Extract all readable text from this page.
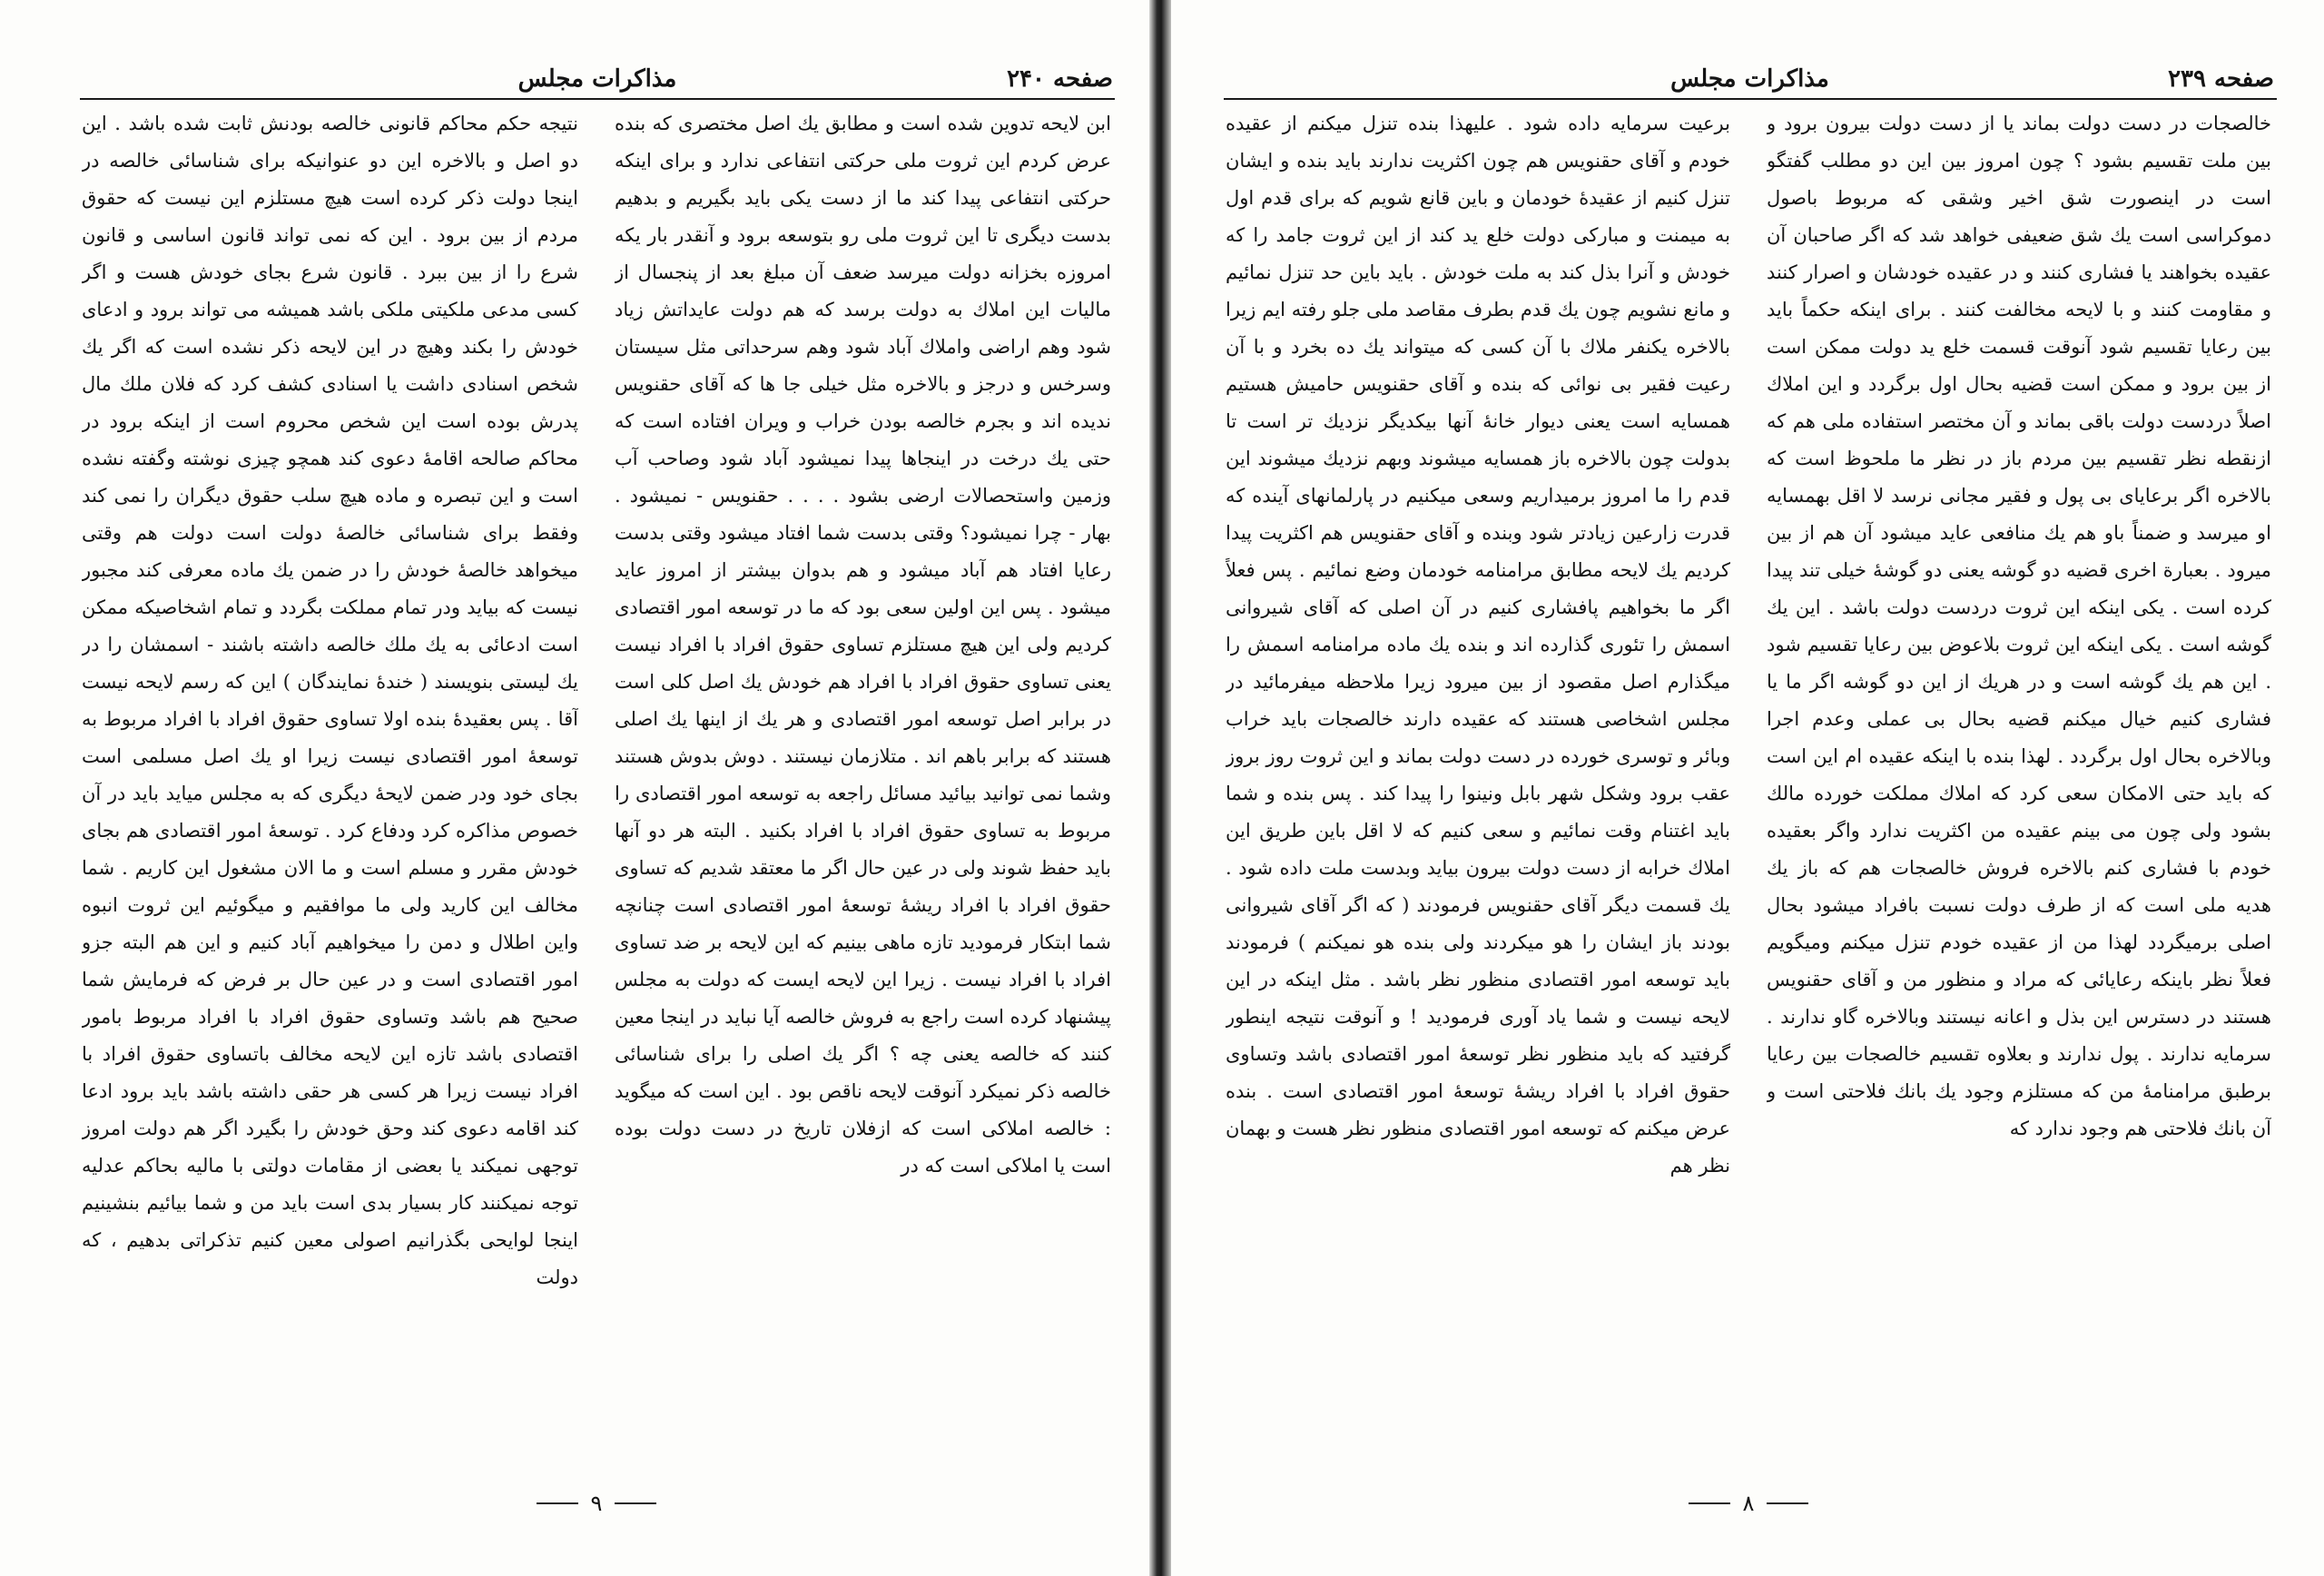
صفحه ۲۴۰
مذاکرات مجلس

ابن لایحه تدوین شده است و مطابق یك اصل مختصری که بنده عرض کردم این ثروت ملی حرکتی انتفاعی ندارد و برای اینکه حرکتی انتفاعی پیدا کند ما از دست یکی باید بگیریم و بدهیم بدست دیگری تا این ثروت ملی رو بتوسعه برود و آنقدر بار یکه امروزه بخزانه دولت میرسد ضعف آن مبلغ بعد از پنجسال از مالیات این املاك به دولت برسد که هم دولت عایداتش زیاد شود وهم اراضی واملاك آباد شود وهم سرحداتی مثل سیستان وسرخس و درجز و بالاخره مثل خیلی جا ها که آقای حقنویس ندیده اند و بجرم خالصه بودن خراب و ویران افتاده است که حتی یك درخت در اینجاها پیدا نمیشود آباد شود وصاحب آب وزمین واستحصالات ارضی بشود . . . . حقنویس - نمیشود . بهار - چرا نمیشود؟ وقتی بدست شما افتاد میشود وقتی بدست رعایا افتاد هم آباد میشود و هم بدوان بیشتر از امروز عاید میشود . پس این اولین سعی بود که ما در توسعه امور اقتصادی کردیم ولی این هیچ مستلزم تساوی حقوق افراد با افراد نیست یعنی تساوی حقوق افراد با افراد هم خودش یك اصل کلی است در برابر اصل توسعه امور اقتصادی و هر یك از اینها یك اصلی هستند که برابر باهم اند . متلازمان نیستند . دوش بدوش هستند وشما نمی توانید بیائید مسائل راجعه به توسعه امور اقتصادی را مربوط به تساوی حقوق افراد با افراد بکنید . البته هر دو آنها باید حفظ شوند ولی در عین حال اگر ما معتقد شدیم که تساوی حقوق افراد با افراد ریشهٔ توسعهٔ امور اقتصادی است چنانچه شما ابتکار فرمودید تازه ماهی بینیم که این لایحه بر ضد تساوی افراد با افراد نیست . زیرا این لایحه ایست که دولت به مجلس پیشنهاد کرده است راجع به فروش خالصه آیا نباید در اینجا معین کنند که خالصه یعنی چه ؟ اگر یك اصلی را برای شناسائی خالصه ذکر نمیکرد آنوقت لایحه ناقص بود . این است که میگوید : خالصه املاکی است که ازفلان تاریخ در دست دولت بوده است یا املاکی است که در

نتیجه حکم محاکم قانونی خالصه بودنش ثابت شده باشد . این دو اصل و بالاخره این دو عنوانیکه برای شناسائی خالصه در اینجا دولت ذکر کرده است هیچ مستلزم این نیست که حقوق مردم از بین برود . این که نمی تواند قانون اساسی و قانون شرع را از بین ببرد . قانون شرع بجای خودش هست و اگر کسی مدعی ملکیتی ملکی باشد همیشه می تواند برود و ادعای خودش را بکند وهیچ در این لایحه ذکر نشده است که اگر یك شخص اسنادی داشت یا اسنادی کشف کرد که فلان ملك مال پدرش بوده است این شخص محروم است از اینکه برود در محاکم صالحه اقامهٔ دعوی کند همچو چیزی نوشته وگفته نشده است و این تبصره و ماده هیچ سلب حقوق دیگران را نمی کند وفقط برای شناسائی خالصهٔ دولت است دولت هم وقتی میخواهد خالصهٔ خودش را در ضمن یك ماده معرفی کند مجبور نیست که بیاید ودر تمام مملکت بگردد و تمام اشخاصیکه ممکن است ادعائی به یك ملك خالصه داشته باشند - اسمشان را در یك لیستی بنویسند ( خندهٔ نمایندگان ) این که رسم لایحه نیست آقا . پس بعقیدهٔ بنده اولا تساوی حقوق افراد با افراد مربوط به توسعهٔ امور اقتصادی نیست زیرا او یك اصل مسلمی است بجای خود ودر ضمن لایحهٔ دیگری که به مجلس میاید باید در آن خصوص مذاکره کرد ودفاع کرد . توسعهٔ امور اقتصادی هم بجای خودش مقرر و مسلم است و ما الان مشغول این کاریم . شما مخالف این کارید ولی ما موافقیم و میگوئیم این ثروت انبوه واین اطلال و دمن را میخواهیم آباد کنیم و این هم البته جزو امور اقتصادی است و در عین حال بر فرض که فرمایش شما صحیح هم باشد وتساوی حقوق افراد با افراد مربوط بامور اقتصادی باشد تازه این لایحه مخالف باتساوی حقوق افراد با افراد نیست زیرا هر کسی هر حقی داشته باشد باید برود ادعا کند اقامه دعوی کند وحق خودش را بگیرد اگر هم دولت امروز توجهی نمیکند یا بعضی از مقامات دولتی با ماليه بحاکم عدليه توجه نمیکنند کار بسیار بدی است باید من و شما بیائیم بنشینیم اینجا لوایحی بگذرانیم اصولی معین کنیم تذکراتی بدهیم ، که دولت

۹
صفحه ۲۳۹
مذاکرات مجلس

خالصجات در دست دولت بماند یا از دست دولت بیرون برود و بین ملت تقسیم بشود ؟ چون امروز بین این دو مطلب گفتگو است در اینصورت شق اخیر وشقی که مربوط باصول دموکراسی است یك شق ضعیفی خواهد شد که اگر صاحبان آن عقیده بخواهند یا فشاری کنند و در عقیده خودشان و اصرار کنند و مقاومت کنند و با لایحه مخالفت کنند . برای اینکه حکماً باید بین رعایا تقسیم شود آنوقت قسمت خلع ید دولت ممکن است از بین برود و ممکن است قضیه بحال اول برگردد و این املاك اصلاً دردست دولت باقی بماند و آن مختصر استفاده ملی هم که ازنقطه نظر تقسیم بین مردم باز در نظر ما ملحوظ است که بالاخره اگر برعایای بی پول و فقیر مجانی نرسد لا اقل بهمسایه او میرسد و ضمناً باو هم یك منافعی عاید میشود آن هم از بین میرود . بعبارة اخری قضیه دو گوشه یعنی دو گوشهٔ خیلی تند پیدا کرده است . یکی اینکه این ثروت دردست دولت باشد . این یك گوشه است . یکی اینکه این ثروت بلاعوض بین رعایا تقسیم شود . این هم یك گوشه است و در هریك از این دو گوشه اگر ما یا فشاری کنیم خیال میکنم قضیه بحال بی عملی وعدم اجرا وبالاخره بحال اول برگردد . لهذا بنده با اینکه عقیده ام این است که باید حتی الامکان سعی کرد که املاك مملکت خورده مالك بشود ولی چون می بینم عقیده من اکثریت ندارد واگر بعقیده خودم با فشاری کنم بالاخره فروش خالصجات هم که باز یك هدیه ملی است که از طرف دولت نسبت بافراد میشود بحال اصلی برمیگردد لهذا من از عقیده خودم تنزل میکنم ومیگویم فعلاً نظر باینکه رعایائی که مراد و منظور من و آقای حقنویس هستند در دسترس این بذل و اعانه نیستند وبالاخره گاو ندارند . سرمایه ندارند . پول ندارند و بعلاوه تقسیم خالصجات بین رعایا برطبق مرامنامهٔ من که مستلزم وجود یك بانك فلاحتی است و آن بانك فلاحتی هم وجود ندارد که

برعیت سرمایه داده شود . علیهذا بنده تنزل میکنم از عقیده خودم و آقای حقنویس هم چون اکثریت ندارند باید بنده و ایشان تنزل کنیم از عقیدهٔ خودمان و باین قانع شویم که برای قدم اول به میمنت و مبارکی دولت خلع ید کند از این ثروت جامد را که خودش و آنرا بذل کند به ملت خودش . باید باین حد تنزل نمائیم و مانع نشویم چون یك قدم بطرف مقاصد ملی جلو رفته ایم زیرا بالاخره یکنفر ملاك با آن کسی که میتواند یك ده بخرد و با آن رعیت فقیر بی نوائی که بنده و آقای حقنویس حامیش هستیم همسایه است یعنی دیوار خانهٔ آنها بیکدیگر نزدیك تر است تا بدولت چون بالاخره باز همسایه میشوند وبهم نزدیك میشوند این قدم را ما امروز برمیداریم وسعی میکنیم در پارلمانهای آینده که قدرت زارعین زیادتر شود وبنده و آقای حقنویس هم اکثریت پیدا کردیم یك لایحه مطابق مرامنامه خودمان وضع نمائیم . پس فعلاً اگر ما بخواهیم پافشاری کنیم در آن اصلی که آقای شیروانی اسمش را تئوری گذارده اند و بنده یك ماده مرامنامه اسمش را میگذارم اصل مقصود از بین میرود زیرا ملاحظه میفرمائید در مجلس اشخاصی هستند که عقیده دارند خالصجات باید خراب وبائر و توسری خورده در دست دولت بماند و این ثروت روز بروز عقب برود وشکل شهر بابل ونینوا را پیدا کند . پس بنده و شما باید اغتنام وقت نمائیم و سعی کنیم که لا اقل باین طریق این املاك خرابه از دست دولت بیرون بیاید وبدست ملت داده شود . یك قسمت دیگر آقای حقنویس فرمودند ( که اگر آقای شیروانی بودند باز ایشان را هو میکردند ولی بنده هو نمیکنم ) فرمودند باید توسعه امور اقتصادی منظور نظر باشد . مثل اینکه در این لایحه نیست و شما یاد آوری فرمودید ! و آنوقت نتیجه اینطور گرفتید که باید منظور نظر توسعهٔ امور اقتصادی باشد وتساوی حقوق افراد با افراد ریشهٔ توسعهٔ امور اقتصادی است . بنده عرض میکنم که توسعه امور اقتصادی منظور نظر هست و بهمان نظر هم

۸
